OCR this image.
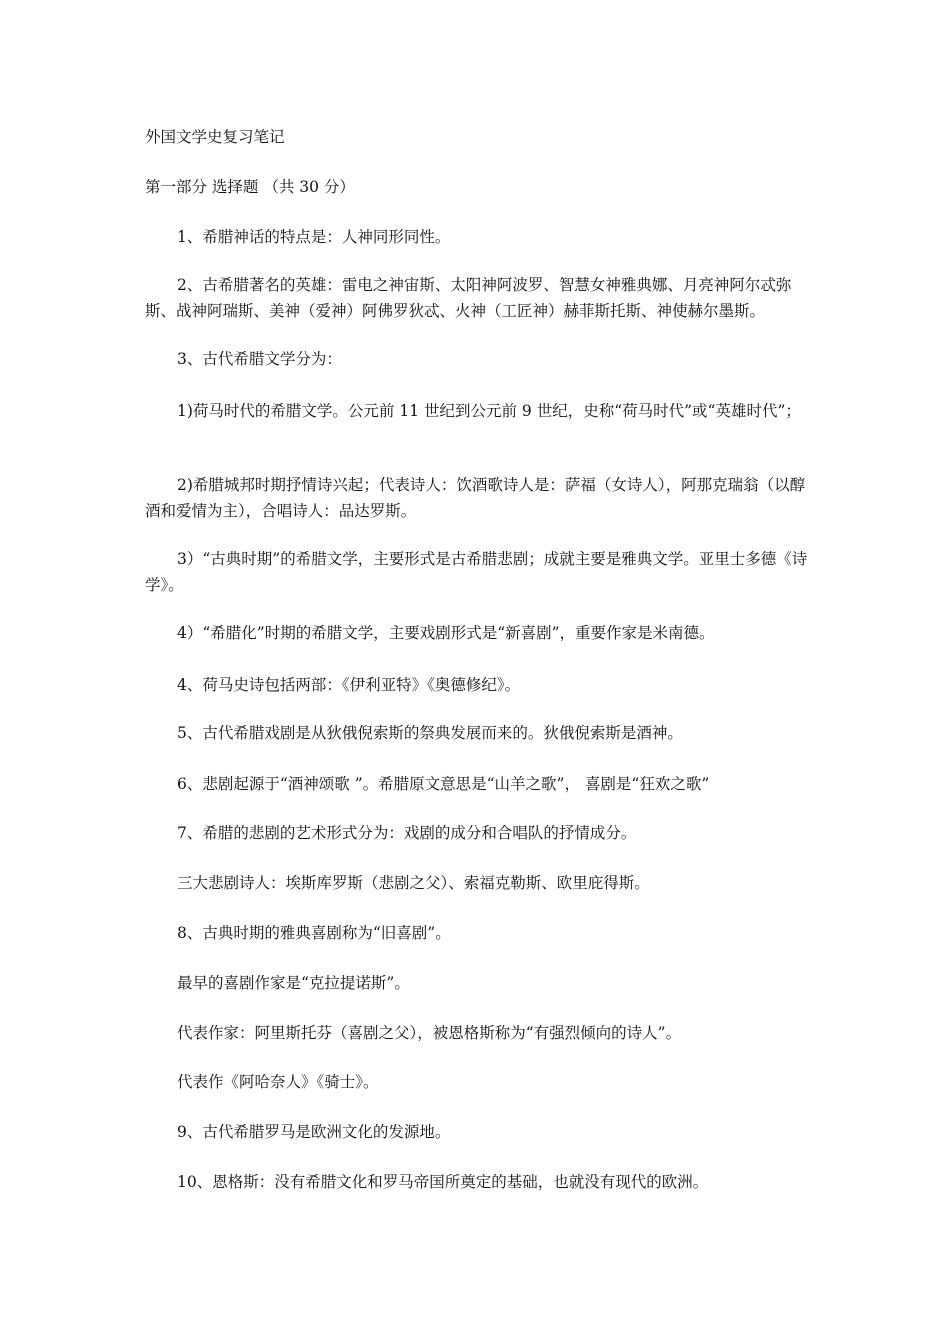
外国文学史复习笔记
第一部分 选择题 （共 30 分）
1、希腊神话的特点是：人神同形同性。
2、古希腊著名的英雄：雷电之神宙斯、太阳神阿波罗、智慧女神雅典娜、月亮神阿尔忒弥斯、战神阿瑞斯、美神（爱神）阿佛罗狄忒、火神（工匠神）赫菲斯托斯、神使赫尔墨斯。
3、古代希腊文学分为：
1)荷马时代的希腊文学。公元前 11 世纪到公元前 9 世纪，史称“荷马时代”或“英雄时代”；
2)希腊城邦时期抒情诗兴起；代表诗人：饮酒歌诗人是：萨福（女诗人），阿那克瑞翁（以醇酒和爱情为主），合唱诗人：品达罗斯。
3）“古典时期”的希腊文学，主要形式是古希腊悲剧；成就主要是雅典文学。亚里士多德《诗学》。
4）“希腊化”时期的希腊文学，主要戏剧形式是“新喜剧”，重要作家是米南德。
4、荷马史诗包括两部：《伊利亚特》《奥德修纪》。
5、古代希腊戏剧是从狄俄倪索斯的祭典发展而来的。狄俄倪索斯是酒神。
6、悲剧起源于“酒神颂歌 ”。希腊原文意思是“山羊之歌”， 喜剧是“狂欢之歌”
7、希腊的悲剧的艺术形式分为：戏剧的成分和合唱队的抒情成分。
三大悲剧诗人：埃斯库罗斯（悲剧之父）、索福克勒斯、欧里庇得斯。
8、古典时期的雅典喜剧称为“旧喜剧”。
最早的喜剧作家是“克拉提诺斯”。
代表作家：阿里斯托芬（喜剧之父），被恩格斯称为“有强烈倾向的诗人”。
代表作《阿哈奈人》《骑士》。
9、古代希腊罗马是欧洲文化的发源地。
10、恩格斯：没有希腊文化和罗马帝国所奠定的基础，也就没有现代的欧洲。
